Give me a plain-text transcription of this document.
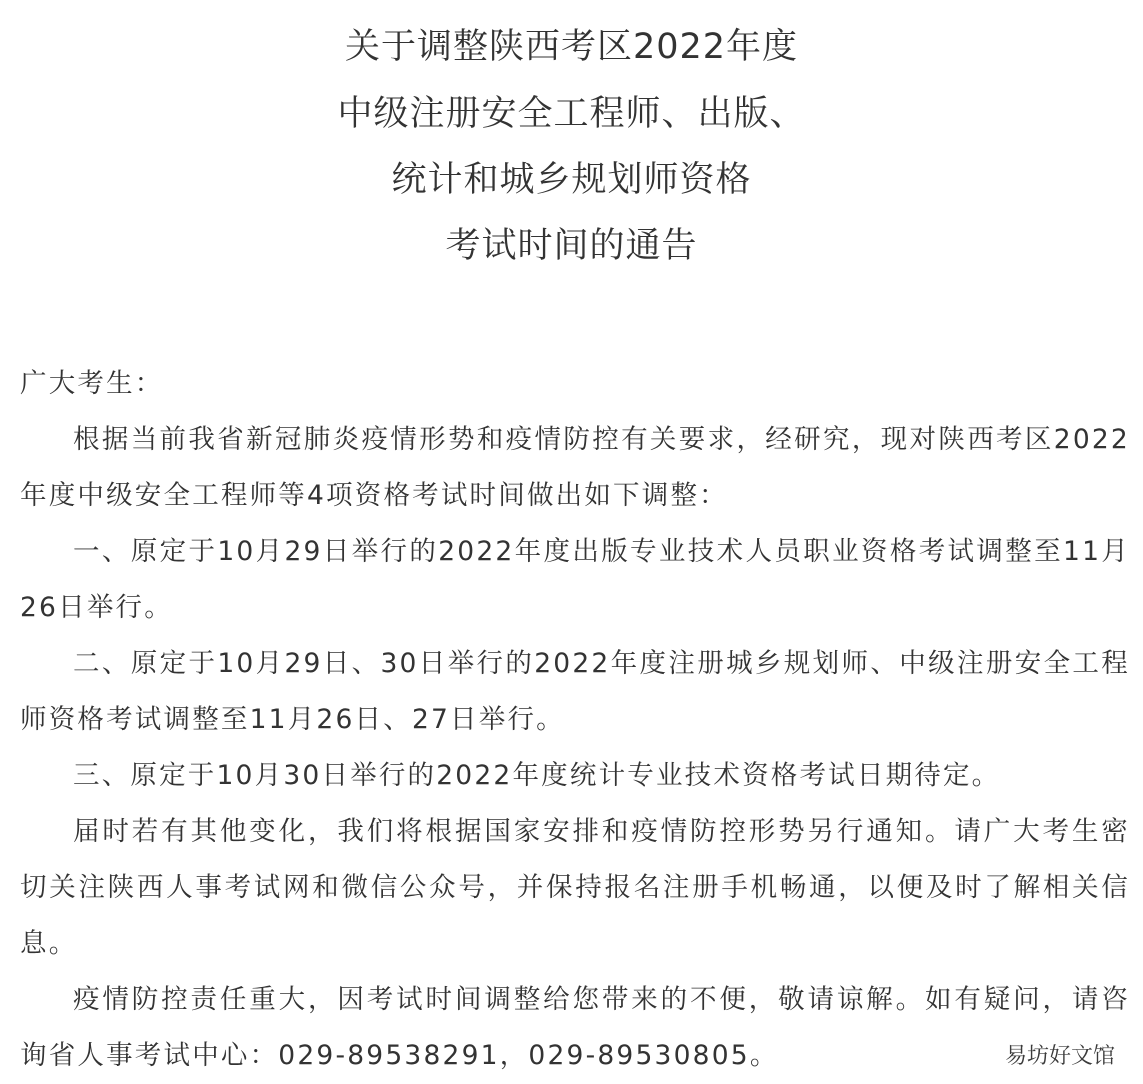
关于调整陕西考区2022年度
中级注册安全工程师、出版、
统计和城乡规划师资格
考试时间的通告

广大考生：

根据当前我省新冠肺炎疫情形势和疫情防控有关要求，经研究，现对陕西考区2022年度中级安全工程师等4项资格考试时间做出如下调整：

一、原定于10月29日举行的2022年度出版专业技术人员职业资格考试调整至11月26日举行。

二、原定于10月29日、30日举行的2022年度注册城乡规划师、中级注册安全工程师资格考试调整至11月26日、27日举行。

三、原定于10月30日举行的2022年度统计专业技术资格考试日期待定。

届时若有其他变化，我们将根据国家安排和疫情防控形势另行通知。请广大考生密切关注陕西人事考试网和微信公众号，并保持报名注册手机畅通，以便及时了解相关信息。

疫情防控责任重大，因考试时间调整给您带来的不便，敬请谅解。如有疑问，请咨询省人事考试中心：029-89538291，029-89530805。	易坊好文馆
